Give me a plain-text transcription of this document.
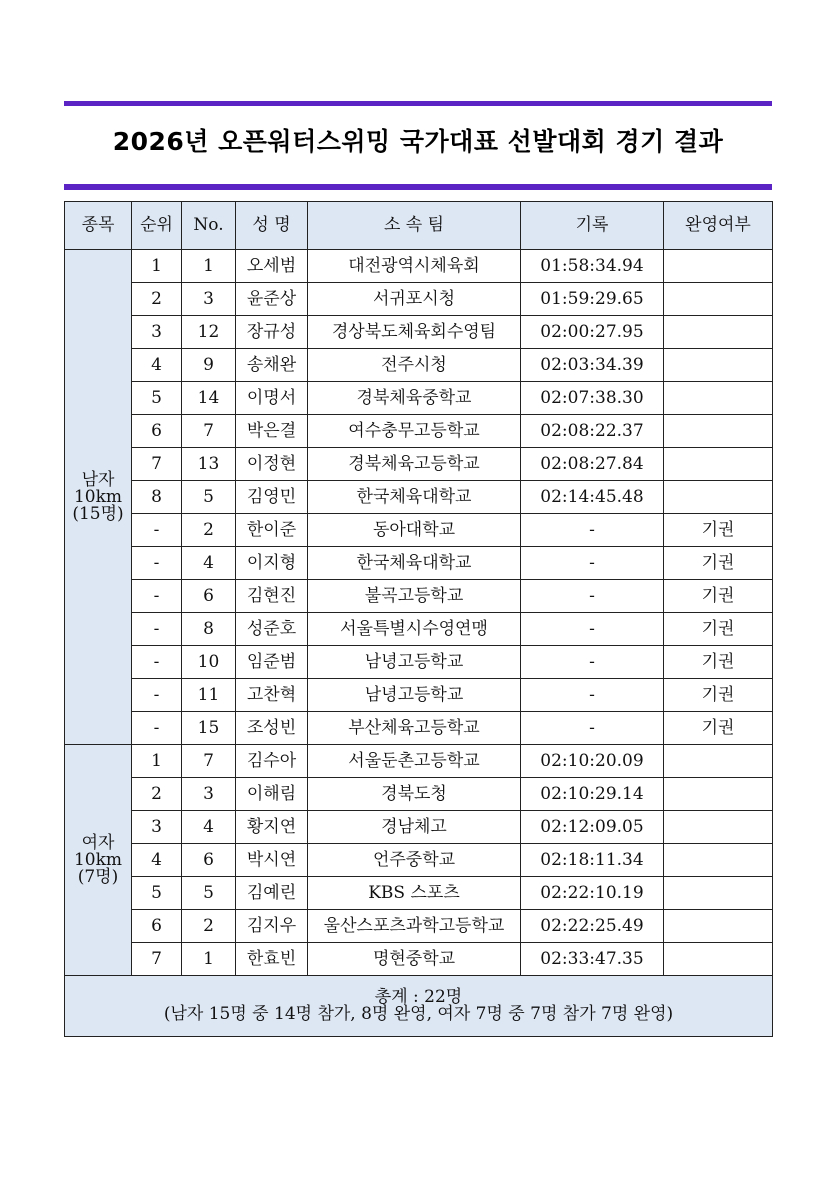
2026년 오픈워터스위밍 국가대표 선발대회 경기 결과
종목	순위	No.	성 명	소 속 팀	기록	완영여부

남자
10km
(15명)	1	1	오세범	대전광역시체육회	01:58:34.94	
	2	3	윤준상	서귀포시청	01:59:29.65	
	3	12	장규성	경상북도체육회수영팀	02:00:27.95	
	4	9	송채완	전주시청	02:03:34.39	
	5	14	이명서	경북체육중학교	02:07:38.30	
	6	7	박은결	여수충무고등학교	02:08:22.37	
	7	13	이정현	경북체육고등학교	02:08:27.84	
	8	5	김영민	한국체육대학교	02:14:45.48	
	-	2	한이준	동아대학교	-	기권
	-	4	이지형	한국체육대학교	-	기권
	-	6	김현진	불곡고등학교	-	기권
	-	8	성준호	서울특별시수영연맹	-	기권
	-	10	임준범	남녕고등학교	-	기권
	-	11	고찬혁	남녕고등학교	-	기권
	-	15	조성빈	부산체육고등학교	-	기권

여자
10km
(7명)	1	7	김수아	서울둔촌고등학교	02:10:20.09	
	2	3	이해림	경북도청	02:10:29.14	
	3	4	황지연	경남체고	02:12:09.05	
	4	6	박시연	언주중학교	02:18:11.34	
	5	5	김예린	KBS 스포츠	02:22:10.19	
	6	2	김지우	울산스포츠과학고등학교	02:22:25.49	
	7	1	한효빈	명현중학교	02:33:47.35	

총계 : 22명
(남자 15명 중 14명 참가, 8명 완영, 여자 7명 중 7명 참가 7명 완영)						
